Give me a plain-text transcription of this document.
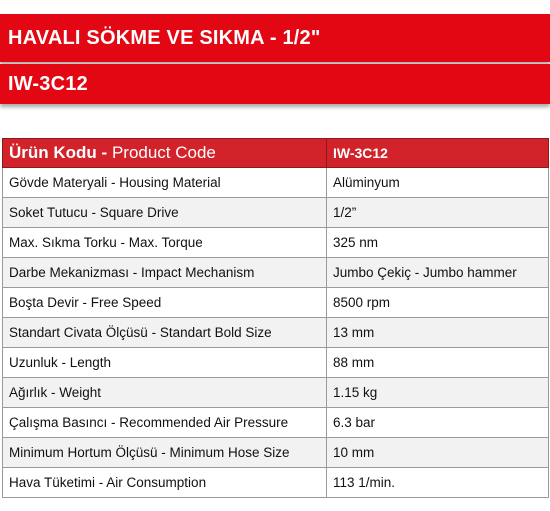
HAVALI SÖKME VE SIKMA - 1/2"
IW-3C12
Ürün Kodu - Product Code	IW-3C12
Gövde Materyali - Housing Material	Alüminyum
Soket Tutucu - Square Drive	1/2”
Max. Sıkma Torku - Max. Torque	325 nm
Darbe Mekanizması - Impact Mechanism	Jumbo Çekiç - Jumbo hammer
Boşta Devir - Free Speed	8500 rpm
Standart Civata Ölçüsü - Standart Bold Size	13 mm
Uzunluk - Length	88 mm
Ağırlık - Weight	1.15 kg
Çalışma Basıncı - Recommended Air Pressure	6.3 bar
Minimum Hortum Ölçüsü - Minimum Hose Size	10 mm
Hava Tüketimi - Air Consumption	113 1/min.
